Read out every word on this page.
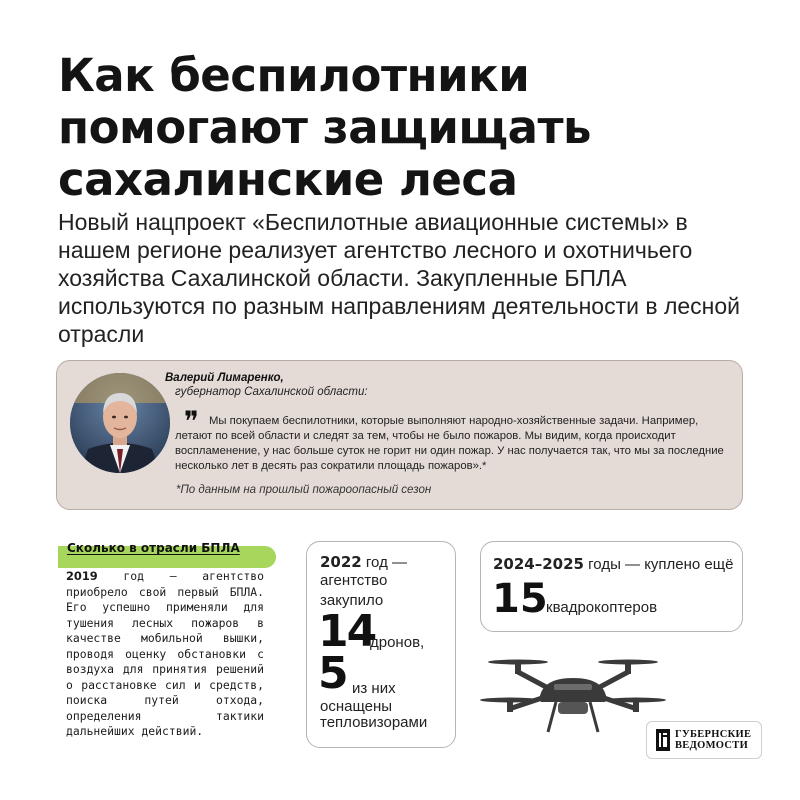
Как беспилотники
помогают защищать
сахалинские леса

Новый нацпроект «Беспилотные авиационные системы» в нашем регионе реализует агентство лесного и охотничьего хозяйства Сахалинской области. Закупленные БПЛА используются по разным направлениям деятельности в лесной отрасли

Валерий Лимаренко,
губернатор Сахалинской области:
❞ Мы покупаем беспилотники, которые выполняют народно-хозяйственные задачи. Например, летают по всей области и следят за тем, чтобы не было пожаров. Мы видим, когда происходит воспламенение, у нас больше суток не горит ни один пожар. У нас получается так, что мы за последние несколько лет в десять раз сократили площадь пожаров».*

*По данным на прошлый пожароопасный сезон
Сколько в отрасли БПЛА

2019 год — агентство приобрело свой первый БПЛА. Его успешно применяли для тушения лесных пожаров в качестве мобильной вышки, проводя оценку обстановки с воздуха для принятия решений о расстановке сил и средств, поиска путей отхода, определения тактики дальнейших действий.

2022 год —
агентство
закупило
14
дронов,
5 из них
оснащены
тепловизорами
2024–2025 годы — куплено ещё
15
квадрокоптеров
ГУБЕРНСКИЕ
ВЕДОМОСТИ
